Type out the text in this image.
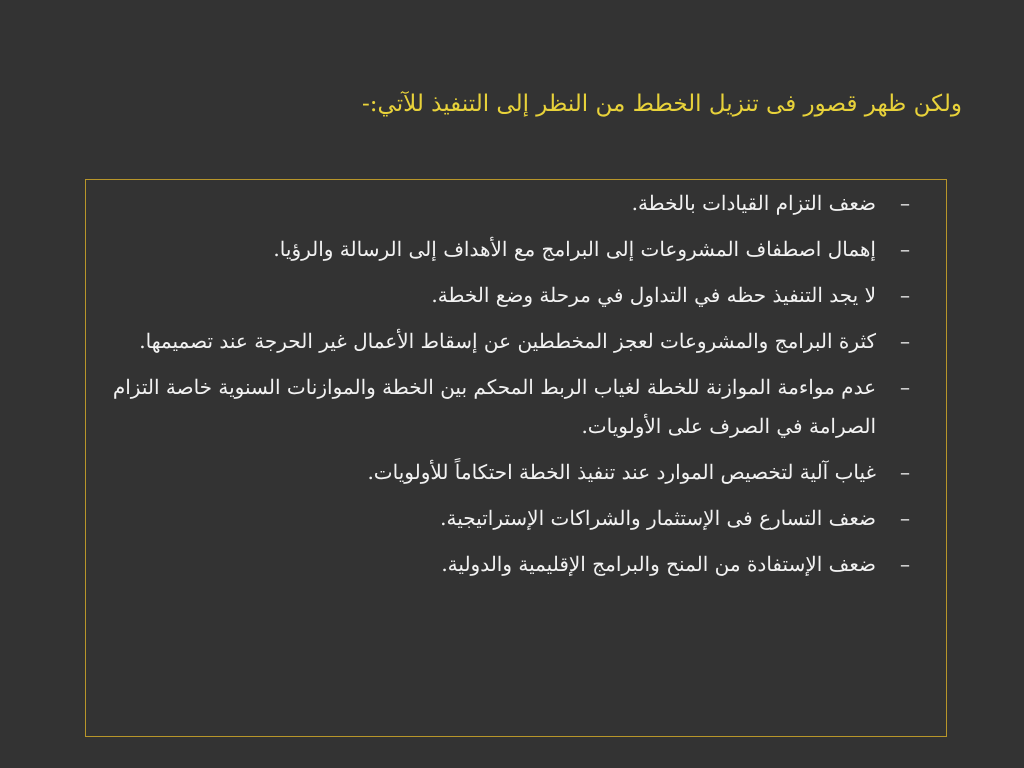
ولكن ظهر قصور فى تنزيل الخطط من النظر إلى التنفيذ للآتي:-
–
ضعف التزام القيادات بالخطة.
–
إهمال اصطفاف المشروعات إلى البرامج مع الأهداف إلى الرسالة والرؤيا.
–
لا يجد التنفيذ حظه في التداول في مرحلة وضع الخطة.
–
كثرة البرامج والمشروعات لعجز المخططين عن إسقاط الأعمال غير الحرجة عند تصميمها.
–
عدم مواءمة الموازنة للخطة لغياب الربط المحكم بين الخطة والموازنات السنوية خاصة التزام الصرامة في الصرف على الأولويات.
–
غياب آلية لتخصيص الموارد عند تنفيذ الخطة احتكاماً للأولويات.
–
ضعف التسارع فى الإستثمار والشراكات الإستراتيجية.
–
ضعف الإستفادة من المنح والبرامج الإقليمية والدولية.
